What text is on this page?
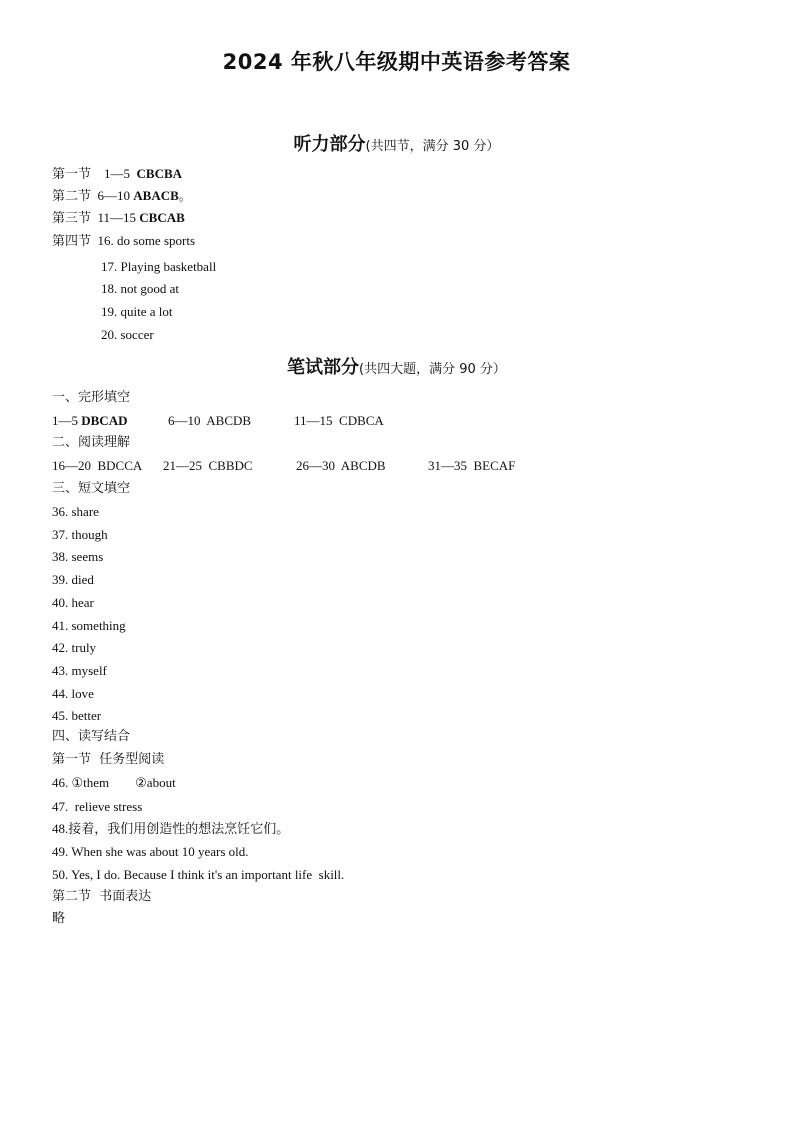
2024 年秋八年级期中英语参考答案
听力部分(共四节，满分 30 分）
第一节 1—5 CBCBA
第二节 6—10 ABACB。
第三节 11—15 CBCAB
第四节 16. do some sports
17. Playing basketball
18. not good at
19. quite a lot
20. soccer
笔试部分(共四大题，满分 90 分）
一、完形填空
1—5 DBCAD	6—10  ABCDB	11—15  CDBCA
二、阅读理解
16—20  BDCCA 21—25  CBBDC	26—30  ABCDB	31—35  BECAF
三、短文填空
36. share
37. though
38. seems
39. died
40. hear
41. something
42. truly
43. myself
44. love
45. better
四、读写结合
第一节  任务型阅读
46. ①them ②about
47.  relieve stress
48.接着，我们用创造性的想法烹饪它们。
49. When she was about 10 years old.
50. Yes, I do. Because I think it's an important life  skill.
第二节  书面表达
略
